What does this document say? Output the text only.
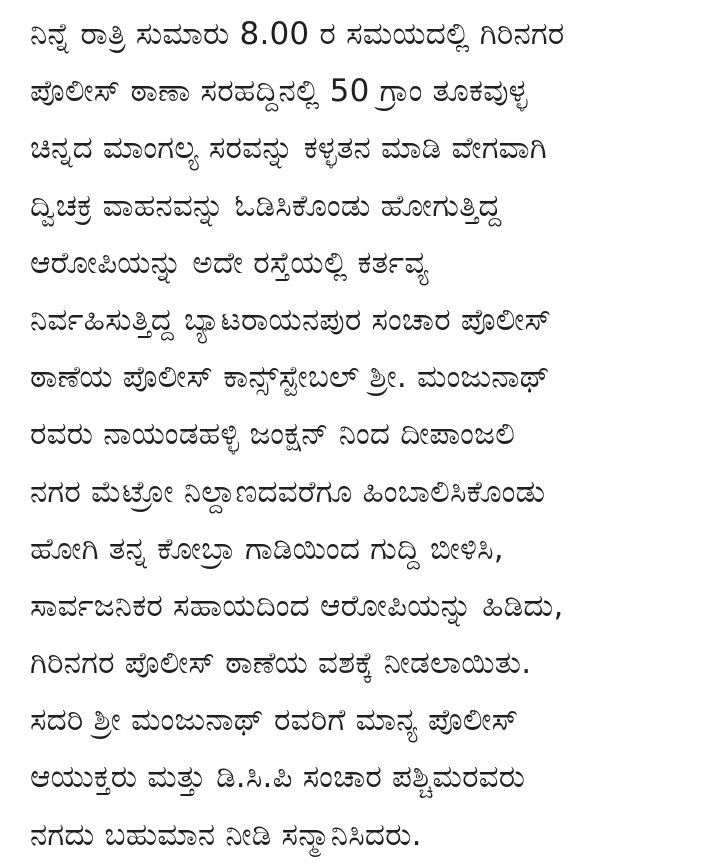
ನಿನ್ನೆ ರಾತ್ರಿ ಸುಮಾರು 8.00 ರ ಸಮಯದಲ್ಲಿ ಗಿರಿನಗರ
ಪೊಲೀಸ್ ಠಾಣಾ ಸರಹದ್ದಿನಲ್ಲಿ 50 ಗ್ರಾಂ ತೂಕವುಳ್ಳ
ಚಿನ್ನದ ಮಾಂಗಲ್ಯ ಸರವನ್ನು ಕಳ್ಳತನ ಮಾಡಿ ವೇಗವಾಗಿ
ದ್ವಿಚಕ್ರ ವಾಹನವನ್ನು ಓಡಿಸಿಕೊಂಡು ಹೋಗುತ್ತಿದ್ದ
ಆರೋಪಿಯನ್ನು ಅದೇ ರಸ್ತೆಯಲ್ಲಿ ಕರ್ತವ್ಯ
ನಿರ್ವಹಿಸುತ್ತಿದ್ದ ಬ್ಯಾಟರಾಯನಪುರ ಸಂಚಾರ ಪೊಲೀಸ್
ಠಾಣೆಯ ಪೊಲೀಸ್ ಕಾನ್ಸ್‌ಸ್ಟೇಬಲ್ ಶ್ರೀ. ಮಂಜುನಾಥ್
ರವರು ನಾಯಂಡಹಳ್ಳಿ ಜಂಕ್ಷನ್ ನಿಂದ ದೀಪಾಂಜಲಿ
ನಗರ ಮೆಟ್ರೋ ನಿಲ್ದಾಣದವರೆಗೂ ಹಿಂಬಾಲಿಸಿಕೊಂಡು
ಹೋಗಿ ತನ್ನ ಕೋಬ್ರಾ ಗಾಡಿಯಿಂದ ಗುದ್ದಿ ಬೀಳಿಸಿ,
ಸಾರ್ವಜನಿಕರ ಸಹಾಯದಿಂದ ಆರೋಪಿಯನ್ನು ಹಿಡಿದು,
ಗಿರಿನಗರ ಪೊಲೀಸ್ ಠಾಣೆಯ ವಶಕ್ಕೆ ನೀಡಲಾಯಿತು.
ಸದರಿ ಶ್ರೀ ಮಂಜುನಾಥ್ ರವರಿಗೆ ಮಾನ್ಯ ಪೊಲೀಸ್
ಆಯುಕ್ತರು ಮತ್ತು ಡಿ.ಸಿ.ಪಿ ಸಂಚಾರ ಪಶ್ಚಿಮರವರು
ನಗದು ಬಹುಮಾನ ನೀಡಿ ಸನ್ಮಾನಿಸಿದರು.
